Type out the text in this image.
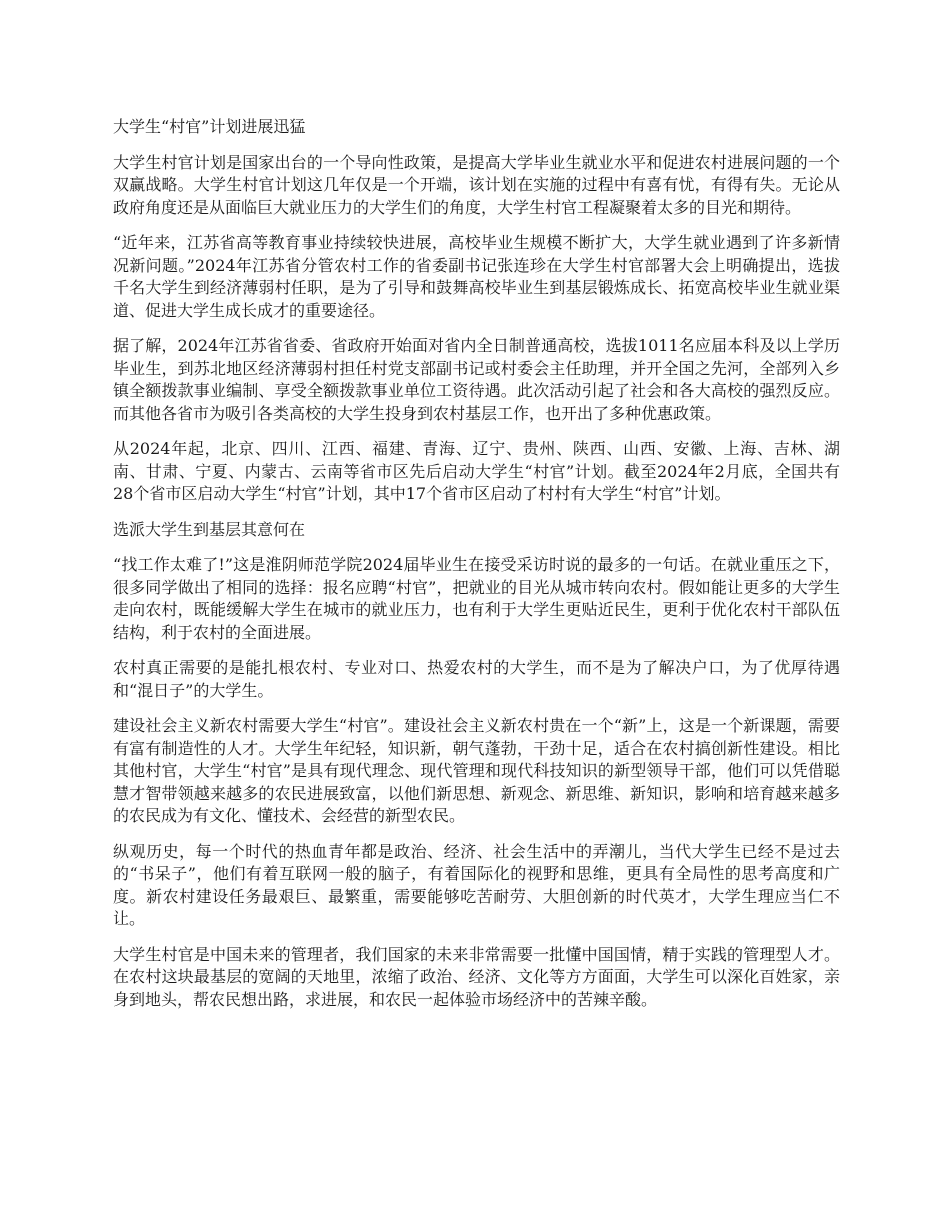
大学生“村官”计划进展迅猛

大学生村官计划是国家出台的一个导向性政策，是提高大学毕业生就业水平和促进农村进展问题的一个双赢战略。大学生村官计划这几年仅是一个开端，该计划在实施的过程中有喜有忧，有得有失。无论从政府角度还是从面临巨大就业压力的大学生们的角度，大学生村官工程凝聚着太多的目光和期待。

“近年来，江苏省高等教育事业持续较快进展，高校毕业生规模不断扩大，大学生就业遇到了许多新情况新问题。”2024年江苏省分管农村工作的省委副书记张连珍在大学生村官部署大会上明确提出，选拔千名大学生到经济薄弱村任职，是为了引导和鼓舞高校毕业生到基层锻炼成长、拓宽高校毕业生就业渠道、促进大学生成长成才的重要途径。

据了解，2024年江苏省省委、省政府开始面对省内全日制普通高校，选拔1011名应届本科及以上学历毕业生，到苏北地区经济薄弱村担任村党支部副书记或村委会主任助理，并开全国之先河，全部列入乡镇全额拨款事业编制、享受全额拨款事业单位工资待遇。此次活动引起了社会和各大高校的强烈反应。而其他各省市为吸引各类高校的大学生投身到农村基层工作，也开出了多种优惠政策。

从2024年起，北京、四川、江西、福建、青海、辽宁、贵州、陕西、山西、安徽、上海、吉林、湖南、甘肃、宁夏、内蒙古、云南等省市区先后启动大学生“村官”计划。截至2024年2月底，全国共有28个省市区启动大学生“村官”计划，其中17个省市区启动了村村有大学生“村官”计划。

选派大学生到基层其意何在

“找工作太难了!”这是淮阴师范学院2024届毕业生在接受采访时说的最多的一句话。在就业重压之下，很多同学做出了相同的选择：报名应聘“村官”，把就业的目光从城市转向农村。假如能让更多的大学生走向农村，既能缓解大学生在城市的就业压力，也有利于大学生更贴近民生，更利于优化农村干部队伍结构，利于农村的全面进展。

农村真正需要的是能扎根农村、专业对口、热爱农村的大学生，而不是为了解决户口，为了优厚待遇和“混日子”的大学生。

建设社会主义新农村需要大学生“村官”。建设社会主义新农村贵在一个“新”上，这是一个新课题，需要有富有制造性的人才。大学生年纪轻，知识新，朝气蓬勃，干劲十足，适合在农村搞创新性建设。相比其他村官，大学生“村官”是具有现代理念、现代管理和现代科技知识的新型领导干部，他们可以凭借聪慧才智带领越来越多的农民进展致富，以他们新思想、新观念、新思维、新知识，影响和培育越来越多的农民成为有文化、懂技术、会经营的新型农民。

纵观历史，每一个时代的热血青年都是政治、经济、社会生活中的弄潮儿，当代大学生已经不是过去的“书呆子”，他们有着互联网一般的脑子，有着国际化的视野和思维，更具有全局性的思考高度和广度。新农村建设任务最艰巨、最繁重，需要能够吃苦耐劳、大胆创新的时代英才，大学生理应当仁不让。

大学生村官是中国未来的管理者，我们国家的未来非常需要一批懂中国国情，精于实践的管理型人才。在农村这块最基层的宽阔的天地里，浓缩了政治、经济、文化等方方面面，大学生可以深化百姓家，亲身到地头，帮农民想出路，求进展，和农民一起体验市场经济中的苦辣辛酸。
